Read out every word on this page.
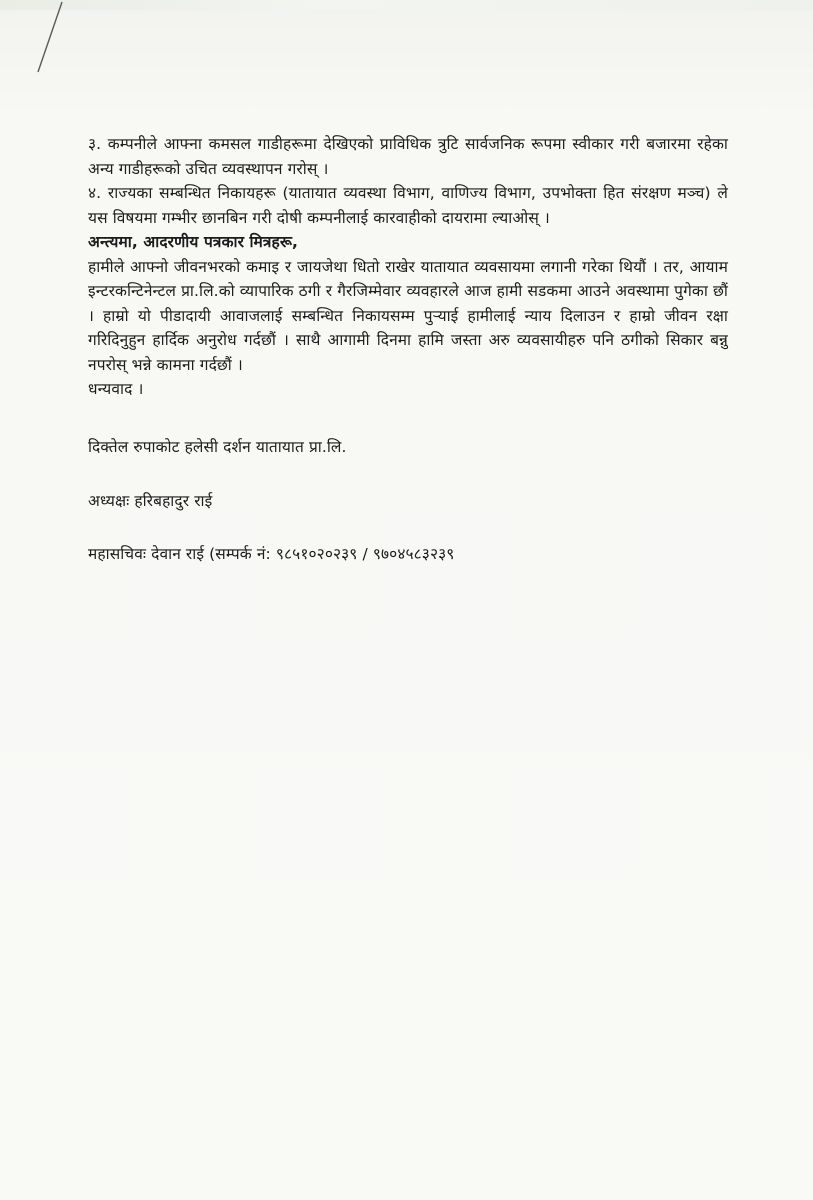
३. कम्पनीले आफ्ना कमसल गाडीहरूमा देखिएको प्राविधिक त्रुटि सार्वजनिक रूपमा स्वीकार गरी बजारमा रहेका अन्य गाडीहरूको उचित व्यवस्थापन गरोस् ।

४. राज्यका सम्बन्धित निकायहरू (यातायात व्यवस्था विभाग, वाणिज्य विभाग, उपभोक्ता हित संरक्षण मञ्च) ले यस विषयमा गम्भीर छानबिन गरी दोषी कम्पनीलाई कारवाहीको दायरामा ल्याओस् ।

अन्त्यमा, आदरणीय पत्रकार मित्रहरू,

हामीले आफ्नो जीवनभरको कमाइ र जायजेथा धितो राखेर यातायात व्यवसायमा लगानी गरेका थियौं । तर, आयाम इन्टरकन्टिनेन्टल प्रा.लि.को व्यापारिक ठगी र गैरजिम्मेवार व्यवहारले आज हामी सडकमा आउने अवस्थामा पुगेका छौं । हाम्रो यो पीडादायी आवाजलाई सम्बन्धित निकायसम्म पुऱ्याई हामीलाई न्याय दिलाउन र हाम्रो जीवन रक्षा गरिदिनुहुन हार्दिक अनुरोध गर्दछौं । साथै आगामी दिनमा हामि जस्ता अरु व्यवसायीहरु पनि ठगीको सिकार बन्नु नपरोस् भन्ने कामना गर्दछौं ।

धन्यवाद ।

दिक्तेल रुपाकोट हलेसी दर्शन यातायात प्रा.लि.

अध्यक्षः हरिबहादुर राई

महासचिवः देवान राई (सम्पर्क नं: ९८५१०२०२३९ / ९७०४५८३२३९
